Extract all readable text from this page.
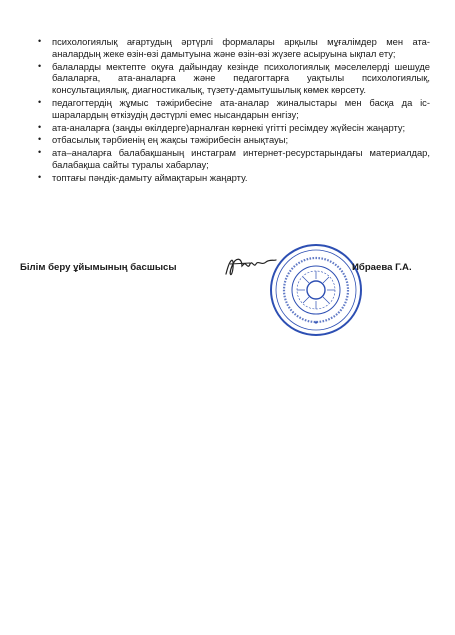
• психологиялық ағартудың әртүрлі формалары арқылы мұғалімдер мен ата-аналардың жеке өзін-өзі дамытуына және өзін-өзі жүзеге асыруына ықпал ету;
• балаларды мектепте оқуға дайындау кезінде психологиялық мәселелерді шешуде балаларға, ата-аналарға және педагогтарға уақтылы психологиялық, консультациялық, диагностикалық, түзету-дамытушылық көмек көрсету.
• педагогтердің жұмыс тәжірибесіне ата-аналар жиналыстары мен басқа да іс-шаралардың өткізудің дәстүрлі емес нысандарын енгізу;
• ата-аналарға (заңды өкілдерге)арналған көрнекі үгітті ресімдеу жүйесін жаңарту;
• отбасылық тәрбиенің ең жақсы тәжірибесін анықтауы;
• ата–аналарға балабақшаның инстаграм интернет-ресурстарындағы материалдар, балабақша сайты туралы хабарлау;
• топтағы пәндік-дамыту аймақтарын жаңарту.
Білім беру ұйымының басшысы
★
Ибраева Г.А.
